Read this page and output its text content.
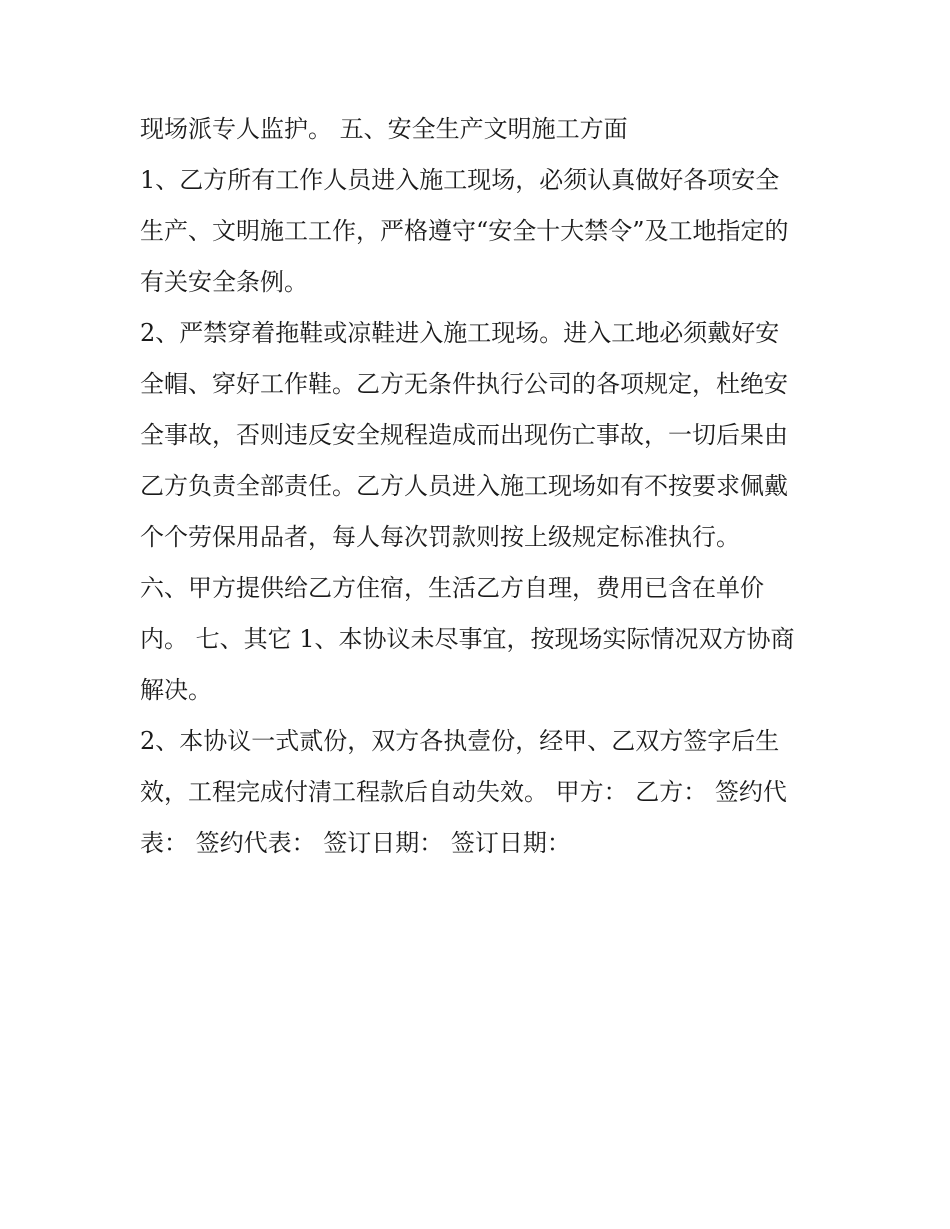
现场派专人监护。 五、安全生产文明施工方面
1、乙方所有工作人员进入施工现场，必须认真做好各项安全
生产、文明施工工作，严格遵守“安全十大禁令”及工地指定的
有关安全条例。
2、严禁穿着拖鞋或凉鞋进入施工现场。进入工地必须戴好安
全帽、穿好工作鞋。乙方无条件执行公司的各项规定，杜绝安
全事故，否则违反安全规程造成而出现伤亡事故，一切后果由
乙方负责全部责任。乙方人员进入施工现场如有不按要求佩戴
个个劳保用品者，每人每次罚款则按上级规定标准执行。
六、甲方提供给乙方住宿，生活乙方自理，费用已含在单价
内。 七、其它 1、本协议未尽事宜，按现场实际情况双方协商
解决。
2、本协议一式贰份，双方各执壹份，经甲、乙双方签字后生
效，工程完成付清工程款后自动失效。 甲方： 乙方： 签约代
表： 签约代表： 签订日期： 签订日期：
